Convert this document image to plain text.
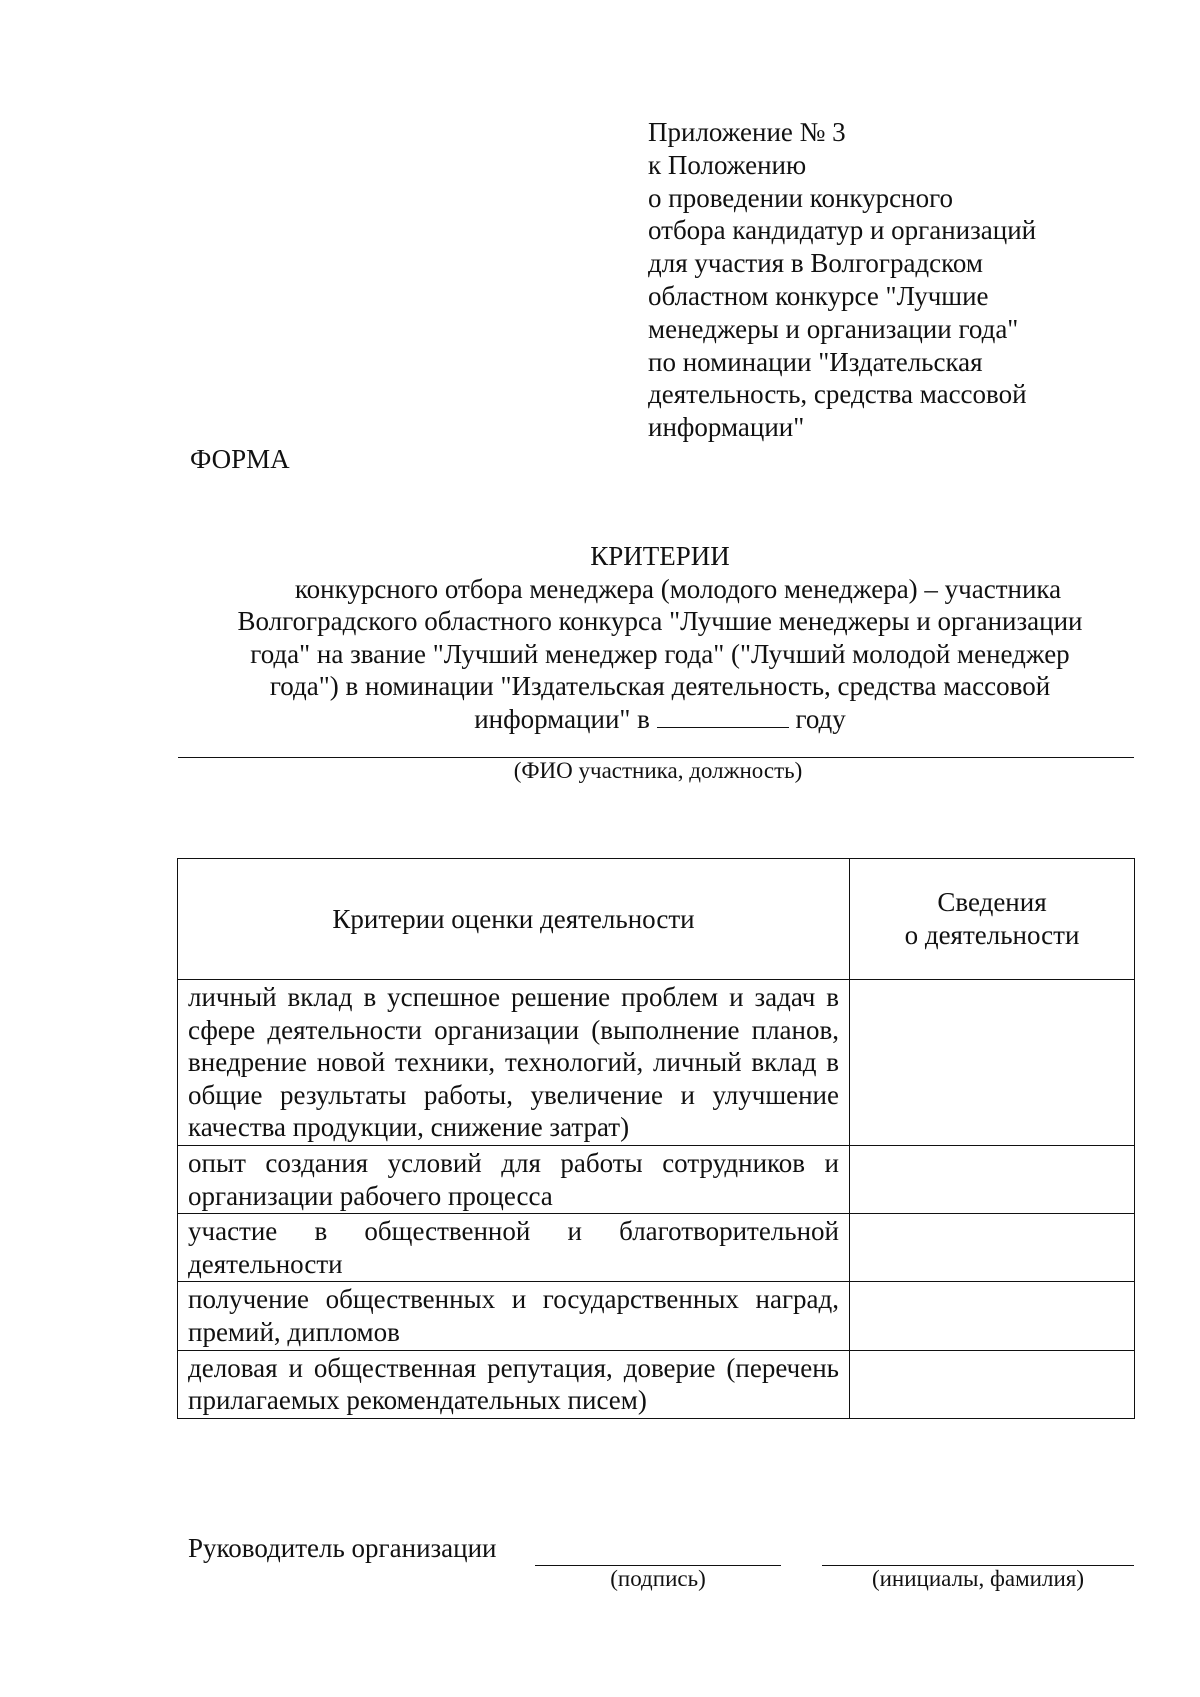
Приложение № 3
к Положению
о проведении конкурсного
отбора кандидатур и организаций
для участия в Волгоградском
областном конкурсе "Лучшие
менеджеры и организации года"
по номинации "Издательская
деятельность, средства массовой
информации"
ФОРМА
КРИТЕРИИ
конкурсного отбора менеджера (молодого менеджера) – участника
Волгоградского областного конкурса "Лучшие менеджеры и организации
года" на звание "Лучший менеджер года" ("Лучший молодой менеджер
года") в номинации "Издательская деятельность, средства массовой
информации" в	году
(ФИО участника, должность)
Критерии оценки деятельности	Сведения
о деятельности

личный вклад в успешное решение проблем и задач в сфере деятельности организации (выполнение планов, внедрение новой техники, технологий, личный вклад в общие результаты работы, увеличение и улучшение качества продукции, снижение затрат)	
опыт создания условий для работы сотрудников и организации рабочего процесса	
участие в общественной и благотворительной деятельности	
получение общественных и государственных наград, премий, дипломов	
деловая и общественная репутация, доверие (перечень прилагаемых рекомендательных писем)	
Руководитель организации
(подпись)	(инициалы, фамилия)
